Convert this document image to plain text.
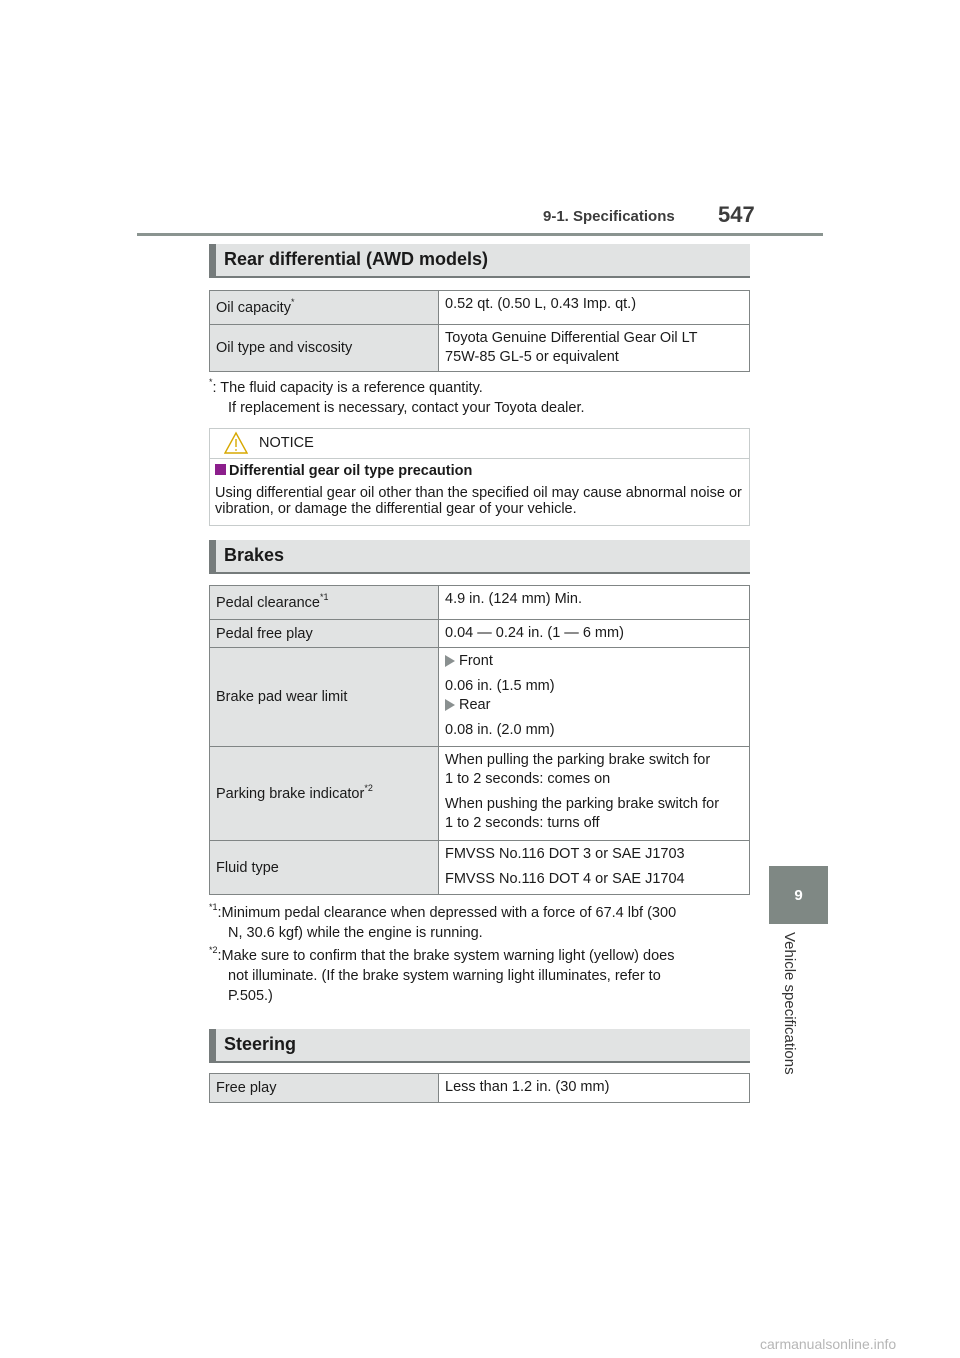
9-1. Specifications 547
9
Vehicle specifications
Rear differential (AWD models)
Oil capacity*	0.52 qt. (0.50 L, 0.43 Imp. qt.)
Oil type and viscosity	Toyota Genuine Differential Gear Oil LT
75W-85 GL-5 or equivalent
*: The fluid capacity is a reference quantity.
If replacement is necessary, contact your Toyota dealer.
NOTICE
Differential gear oil type precaution
Using differential gear oil other than the specified oil may cause abnormal noise or vibration, or damage the differential gear of your vehicle.
Brakes
Pedal clearance$^{*1}$	4.9 in. (124 mm) Min.
Pedal free play	0.04 — 0.24 in. (1 — 6 mm)
Brake pad wear limit	Front
0.06 in. (1.5 mm)
Rear
0.08 in. (2.0 mm)

Parking brake indicator$^{*2}$	When pulling the parking brake switch for
1 to 2 seconds: comes on
When pushing the parking brake switch for
1 to 2 seconds: turns off

Fluid type	FMVSS No.116 DOT 3 or SAE J1703
FMVSS No.116 DOT 4 or SAE J1704
$^{*1}$:Minimum pedal clearance when depressed with a force of 67.4 lbf (300
N, 30.6 kgf) while the engine is running.
$^{*2}$:Make sure to confirm that the brake system warning light (yellow) does
not illuminate. (If the brake system warning light illuminates, refer to
P.505.)
Steering
Free play	Less than 1.2 in. (30 mm)
carmanualsonline.info
